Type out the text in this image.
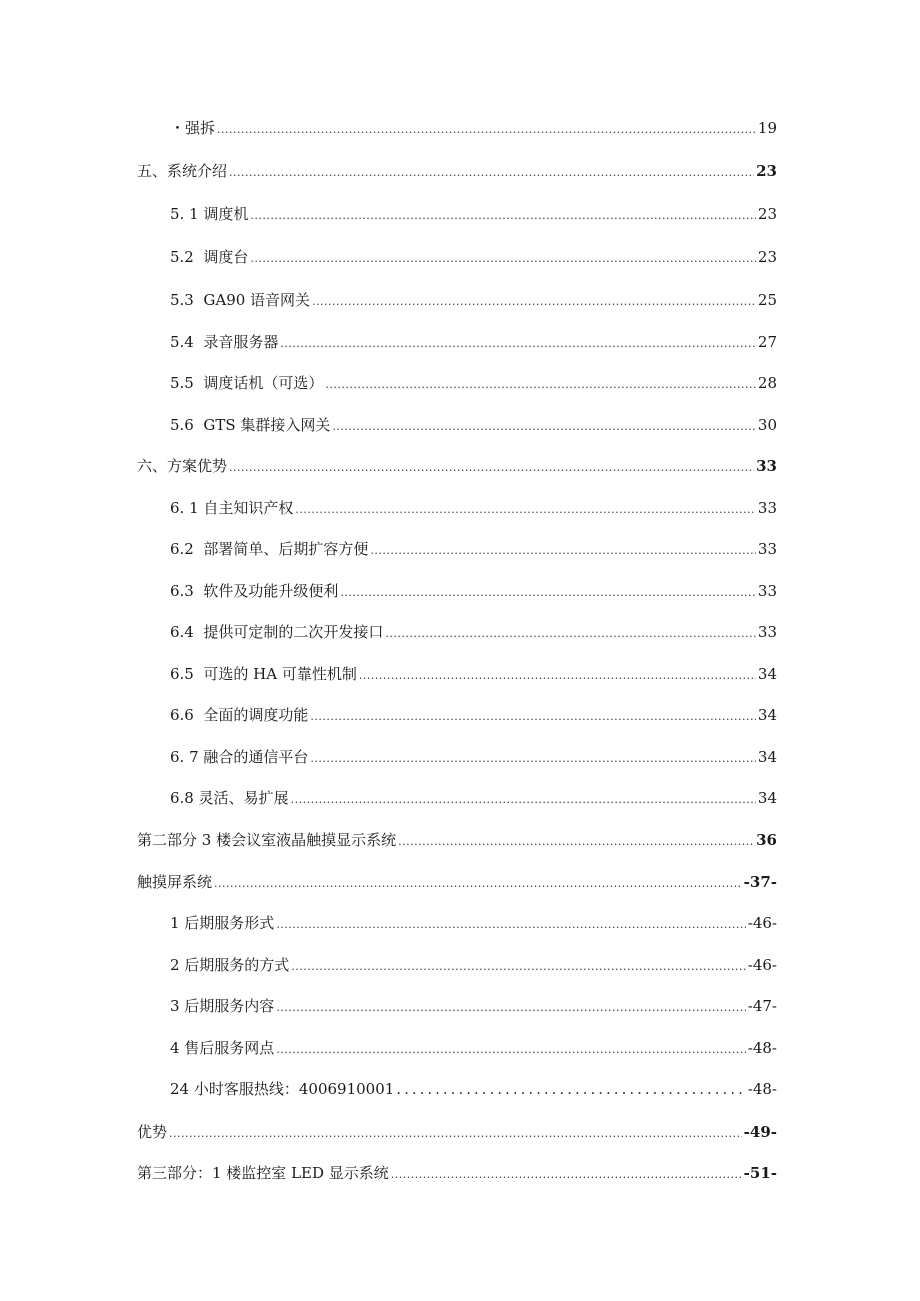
・强拆 .....	19
五、系统介绍 .....	23
5. 1 调度机 .....	23
5.2  调度台 .....	23
5.3  GA90 语音网关 .....	25
5.4  录音服务器 .....	27
5.5  调度话机（可选） .....	28
5.6  GTS 集群接入网关 .....	30
六、方案优势 .....	33
6. 1 自主知识产权 .....	33
6.2  部署简单、后期扩容方便 .....	33
6.3  软件及功能升级便利 .....	33
6.4  提供可定制的二次开发接口 .....	33
6.5  可选的 HA 可靠性机制 .....	34
6.6  全面的调度功能 .....	34
6. 7 融合的通信平台 .....	34
6.8 灵活、易扩展 .....	34
第二部分 3 楼会议室液晶触摸显示系统 .....	36
触摸屏系统 .....	-37-
1 后期服务形式 .....	-46-
2 后期服务的方式 .....	-46-
3 后期服务内容 .....	-47-
4 售后服务网点 .....	-48-
24 小时客服热线：4006910001 .....	-48-
优势 .....	-49-
第三部分：1 楼监控室 LED 显示系统 .....	-51-
